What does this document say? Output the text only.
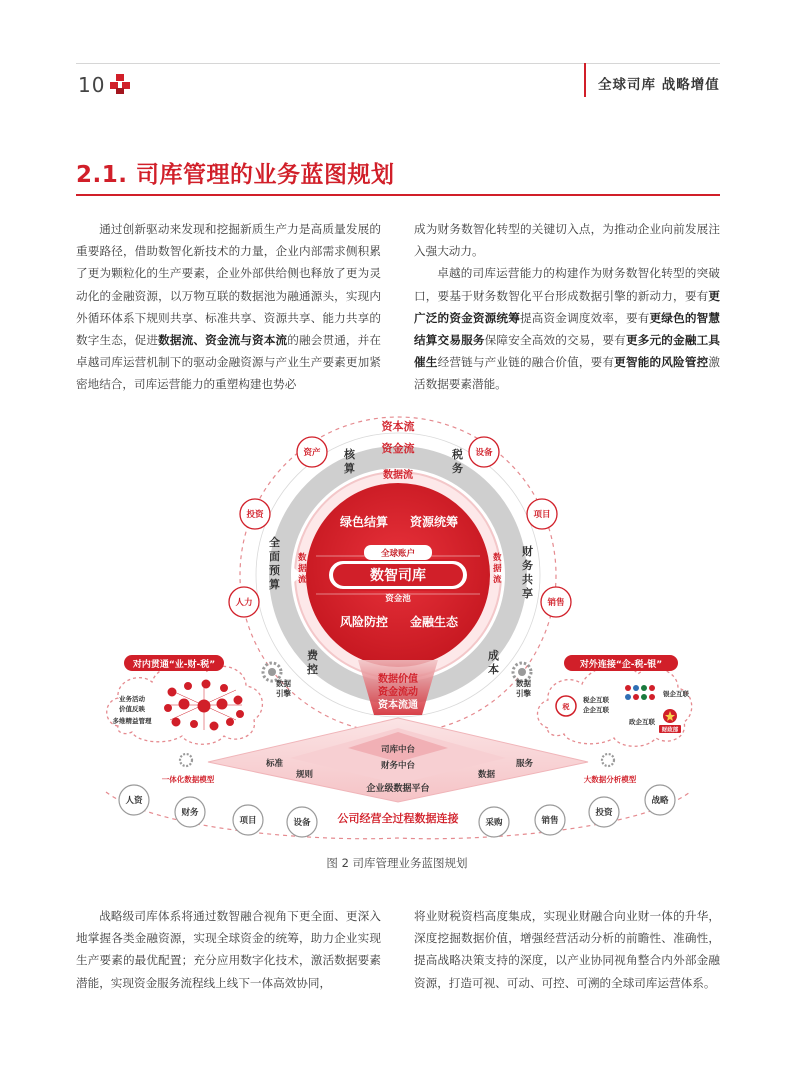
10	全球司库 战略增值
2.1. 司库管理的业务蓝图规划

通过创新驱动来发现和挖掘新质生产力是高质量发展的重要路径，借助数智化新技术的力量，企业内部需求侧积累了更为颗粒化的生产要素，企业外部供给侧也释放了更为灵动化的金融资源，以万物互联的数据池为融通源头，实现内外循环体系下规则共享、标准共享、资源共享、能力共享的数字生态，促进数据流、资金流与资本流的融会贯通，并在卓越司库运营机制下的驱动金融资源与产业生产要素更加紧密地结合，司库运营能力的重塑构建也势必

成为财务数智化转型的关键切入点，为推动企业向前发展注入强大动力。

卓越的司库运营能力的构建作为财务数智化转型的突破口，要基于财务数智化平台形成数据引擎的新动力，要有更广泛的资金资源统筹提高资金调度效率，要有更绿色的智慧结算交易服务保障安全高效的交易，要有更多元的金融工具催生经营链与产业链的融合价值，要有更智能的风险管控激活数据要素潜能。

数智司库
全球账户
资金池
绿色结算 资源统筹
风险防控 金融生态
资本流
资金流
数据流
数据流
数据流
核算
税务
全面预算
财务共享
费控
成本
资产	设备
投资	项目
人力	销售
对内贯通“业-财-税”
业务活动
价值反映
多维精益管理
对外连接“企-税-银”
税
税企互联
企企互联
银企互联
政企互联
财政部
数据 引擎
数据 引擎
数据价值
资金流动
资本流通
司库中台
财务中台
企业级数据平台
标准
规则	数据
服务
一体化数据模型	大数据分析模型
人资
财务
项目	设备	采购	销售
投资
战略
公司经营全过程数据连接
图 2 司库管理业务蓝图规划

战略级司库体系将通过数智融合视角下更全面、更深入地掌握各类金融资源，实现全球资金的统筹，助力企业实现生产要素的最优配置；充分应用数字化技术，激活数据要素潜能，实现资金服务流程线上线下一体高效协同，

将业财税资档高度集成，实现业财融合向业财一体的升华，深度挖掘数据价值，增强经营活动分析的前瞻性、准确性，提高战略决策支持的深度，以产业协同视角整合内外部金融资源，打造可视、可动、可控、可溯的全球司库运营体系。
